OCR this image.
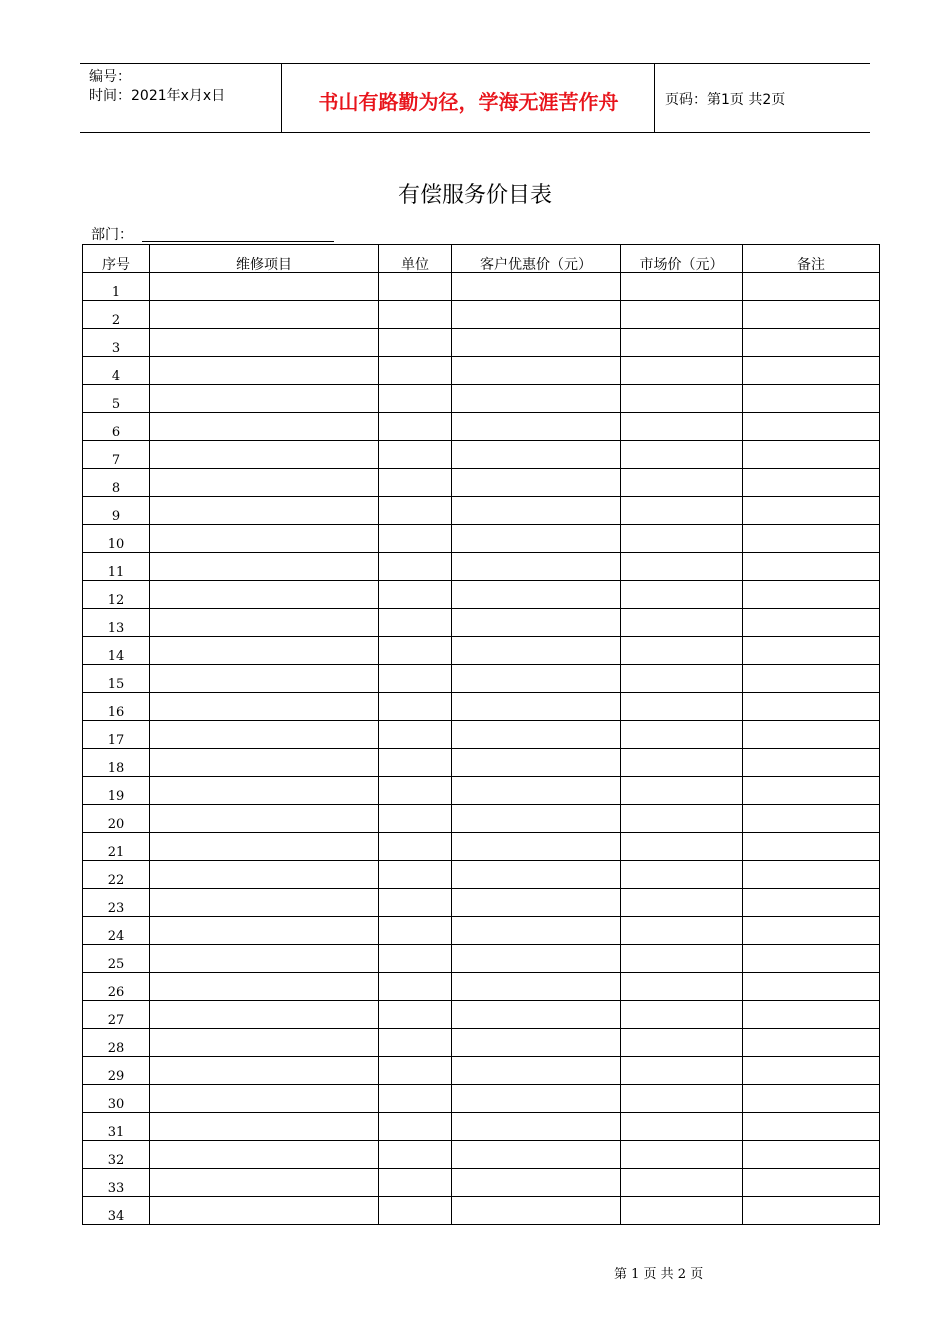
编号：
时间：2021年x月x日	书山有路勤为径，学海无涯苦作舟	页码：第1页 共2页
有偿服务价目表
部门：
序号	维修项目	单位	客户优惠价（元）	市场价（元）	备注
1					
2					
3					
4					
5					
6					
7					
8					
9					
10					
11					
12					
13					
14					
15					
16					
17					
18					
19					
20					
21					
22					
23					
24					
25					
26					
27					
28					
29					
30					
31					
32					
33					
34					
第 1 页 共 2 页
